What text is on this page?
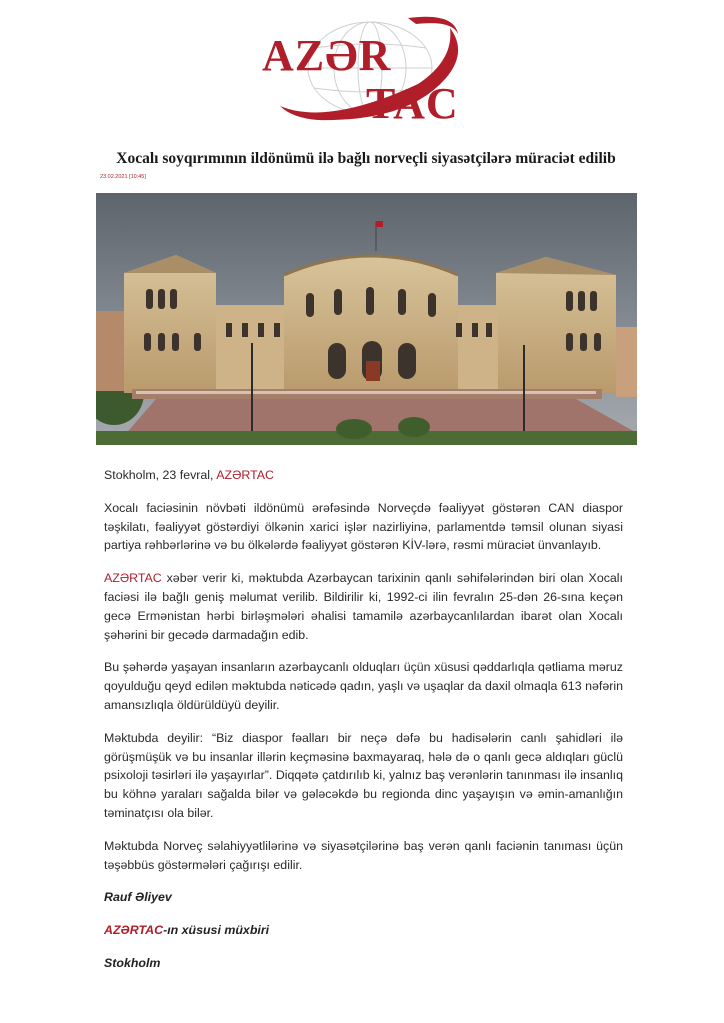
AZƏR
TAC
Xocalı soyqırımının ildönümü ilə bağlı norveçli siyasətçilərə müraciət edilib
23.02.2021 [10:45]

Stokholm, 23 fevral, AZƏRTAC

Xocalı faciəsinin növbəti ildönümü ərəfəsində Norveçdə fəaliyyət göstərən CAN diaspor təşkilatı, fəaliyyət göstərdiyi ölkənin xarici işlər nazirliyinə, parlamentdə təmsil olunan siyasi partiya rəhbərlərinə və bu ölkələrdə fəaliyyət göstərən KİV-lərə, rəsmi müraciət ünvanlayıb.

AZƏRTAC xəbər verir ki, məktubda Azərbaycan tarixinin qanlı səhifələrindən biri olan Xocalı faciəsi ilə bağlı geniş məlumat verilib. Bildirilir ki, 1992-ci ilin fevralın 25-dən 26-sına keçən gecə Ermənistan hərbi birləşmələri əhalisi tamamilə azərbaycanlılardan ibarət olan Xocalı şəhərini bir gecədə darmadağın edib.

Bu şəhərdə yaşayan insanların azərbaycanlı olduqları üçün xüsusi qəddarlıqla qətliama məruz qoyulduğu qeyd edilən məktubda nəticədə qadın, yaşlı və uşaqlar da daxil olmaqla 613 nəfərin amansızlıqla öldürüldüyü deyilir.

Məktubda deyilir: “Biz diaspor fəalları bir neçə dəfə bu hadisələrin canlı şahidləri ilə görüşmüşük və bu insanlar illərin keçməsinə baxmayaraq, hələ də o qanlı gecə aldıqları güclü psixoloji təsirləri ilə yaşayırlar”. Diqqətə çatdırılıb ki, yalnız baş verənlərin tanınması ilə insanlıq bu köhnə yaraları sağalda bilər və gələcəkdə bu regionda dinc yaşayışın və əmin-amanlığın təminatçısı ola bilər.

Məktubda Norveç səlahiyyətlilərinə və siyasətçilərinə baş verən qanlı faciənin tanıması üçün təşəbbüs göstərmələri çağırışı edilir.

Rauf Əliyev

AZƏRTAC-ın xüsusi müxbiri

Stokholm
